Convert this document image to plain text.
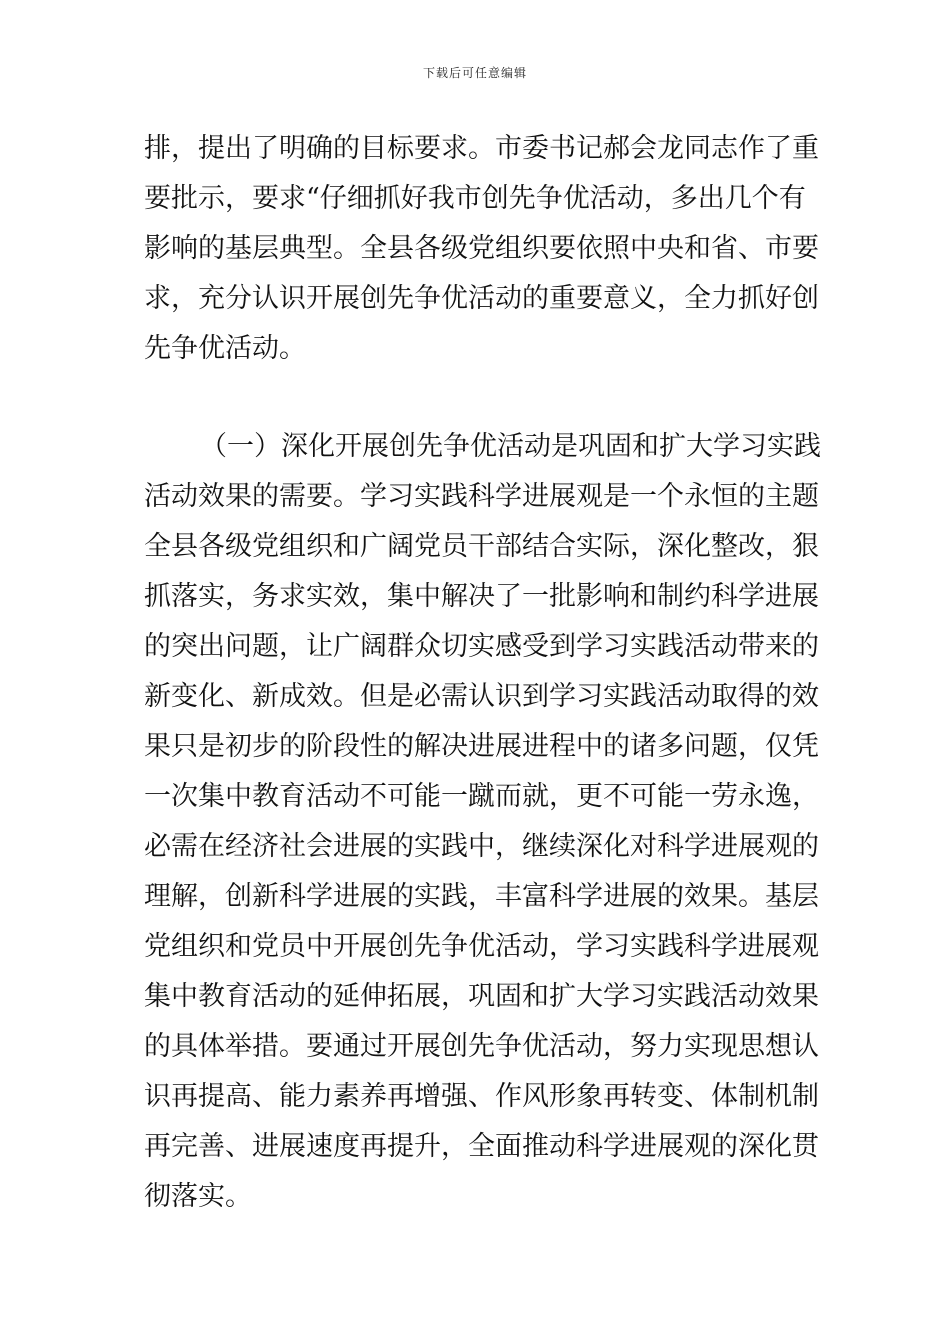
下载后可任意编辑
排，提出了明确的目标要求。市委书记郝会龙同志作了重
要批示，要求“仔细抓好我市创先争优活动，多出几个有
影响的基层典型。全县各级党组织要依照中央和省、市要
求，充分认识开展创先争优活动的重要意义，全力抓好创
先争优活动。
（一）深化开展创先争优活动是巩固和扩大学习实践
活动效果的需要。学习实践科学进展观是一个永恒的主题
全县各级党组织和广阔党员干部结合实际，深化整改，狠
抓落实，务求实效，集中解决了一批影响和制约科学进展
的突出问题，让广阔群众切实感受到学习实践活动带来的
新变化、新成效。但是必需认识到学习实践活动取得的效
果只是初步的阶段性的解决进展进程中的诸多问题，仅凭
一次集中教育活动不可能一蹴而就，更不可能一劳永逸，
必需在经济社会进展的实践中，继续深化对科学进展观的
理解，创新科学进展的实践，丰富科学进展的效果。基层
党组织和党员中开展创先争优活动，学习实践科学进展观
集中教育活动的延伸拓展，巩固和扩大学习实践活动效果
的具体举措。要通过开展创先争优活动，努力实现思想认
识再提高、能力素养再增强、作风形象再转变、体制机制
再完善、进展速度再提升，全面推动科学进展观的深化贯
彻落实。
